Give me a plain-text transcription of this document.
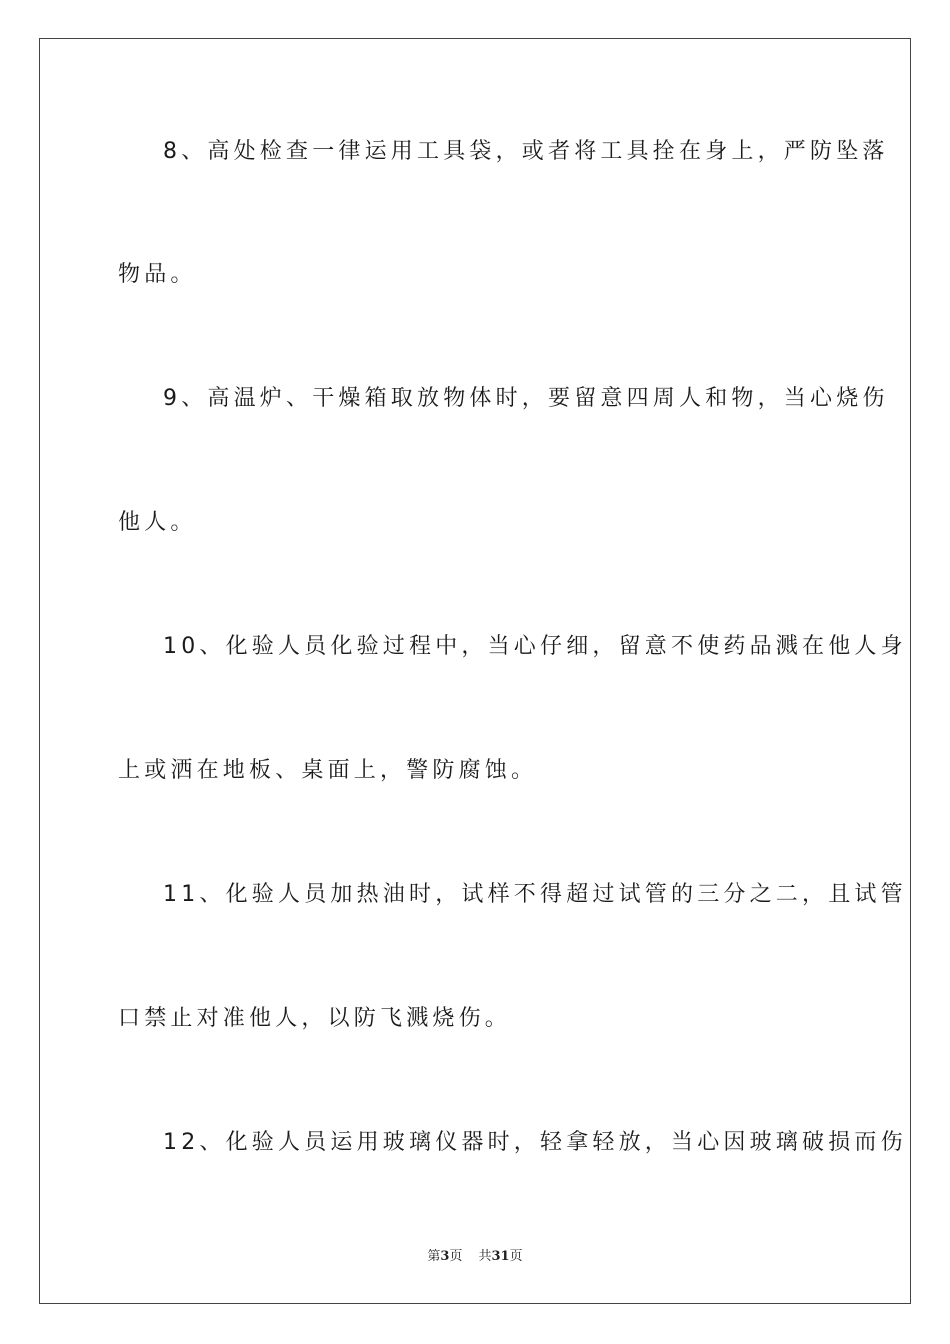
8、高处检查一律运用工具袋，或者将工具拴在身上，严防坠落
物品。
9、高温炉、干燥箱取放物体时，要留意四周人和物，当心烧伤
他人。
10、化验人员化验过程中，当心仔细，留意不使药品溅在他人身
上或洒在地板、桌面上，警防腐蚀。
11、化验人员加热油时，试样不得超过试管的三分之二，且试管
口禁止对准他人，以防飞溅烧伤。
12、化验人员运用玻璃仪器时，轻拿轻放，当心因玻璃破损而伤
第3页 共31页
